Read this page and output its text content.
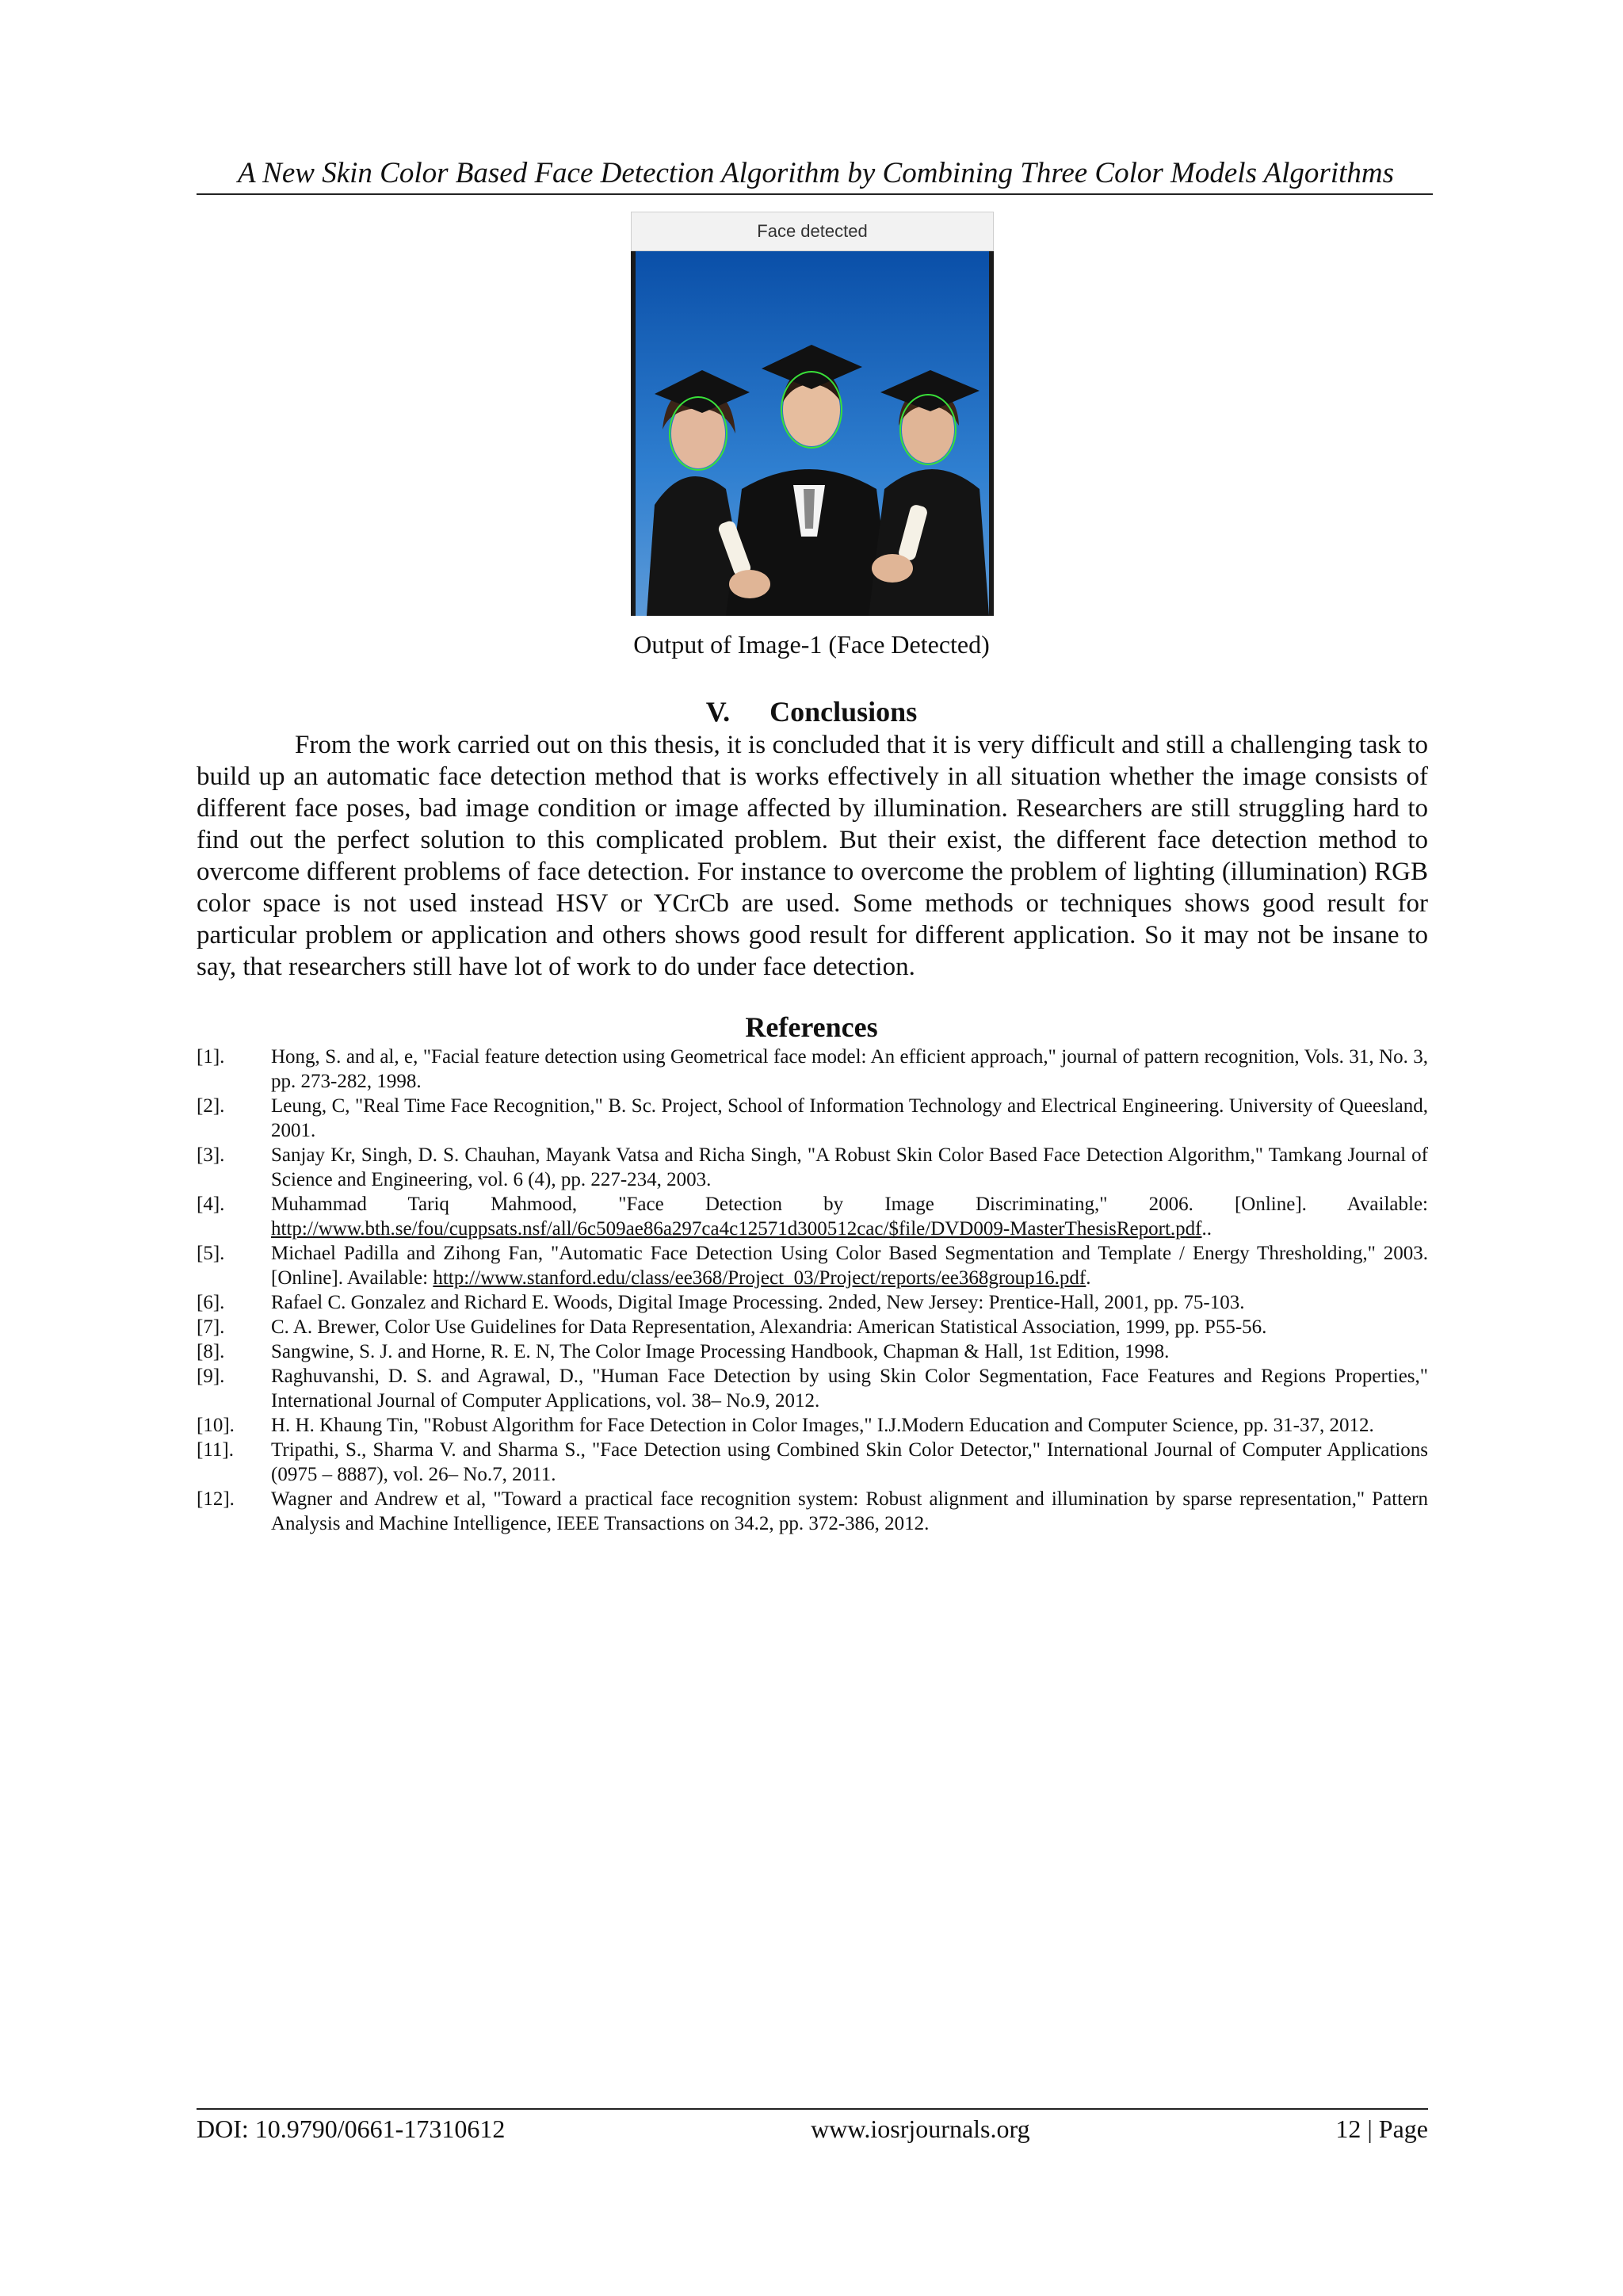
A New Skin Color Based Face Detection Algorithm by Combining Three Color Models Algorithms
Face detected
Output of Image-1 (Face Detected)
V. Conclusions

From the work carried out on this thesis, it is concluded that it is very difficult and still a challenging task to build up an automatic face detection method that is works effectively in all situation whether the image consists of different face poses, bad image condition or image affected by illumination. Researchers are still struggling hard to find out the perfect solution to this complicated problem. But their exist, the different face detection method to overcome different problems of face detection. For instance to overcome the problem of lighting (illumination) RGB color space is not used instead HSV or YCrCb are used. Some methods or techniques shows good result for particular problem or application and others shows good result for different application. So it may not be insane to say, that researchers still have lot of work to do under face detection.

References
[1].	Hong, S. and al, e, "Facial feature detection using Geometrical face model: An efficient approach," journal of pattern recognition, Vols. 31, No. 3, pp. 273-282, 1998.
[2].	Leung, C, "Real Time Face Recognition," B. Sc. Project, School of Information Technology and Electrical Engineering. University of Queesland, 2001.
[3].	Sanjay Kr, Singh, D. S. Chauhan, Mayank Vatsa and Richa Singh, "A Robust Skin Color Based Face Detection Algorithm," Tamkang Journal of Science and Engineering, vol. 6 (4), pp. 227-234, 2003.
[4].	Muhammad Tariq Mahmood, "Face Detection by Image Discriminating," 2006. [Online]. Available: http://www.bth.se/fou/cuppsats.nsf/all/6c509ae86a297ca4c12571d300512cac/$file/DVD009-MasterThesisReport.pdf..
[5].	Michael Padilla and Zihong Fan, "Automatic Face Detection Using Color Based Segmentation and Template / Energy Thresholding," 2003. [Online]. Available: http://www.stanford.edu/class/ee368/Project_03/Project/reports/ee368group16.pdf.
[6].	Rafael C. Gonzalez and Richard E. Woods, Digital Image Processing. 2nded, New Jersey: Prentice-Hall, 2001, pp. 75-103.
[7].	C. A. Brewer, Color Use Guidelines for Data Representation, Alexandria: American Statistical Association, 1999, pp. P55-56.
[8].	Sangwine, S. J. and Horne, R. E. N, The Color Image Processing Handbook, Chapman & Hall, 1st Edition, 1998.
[9].	Raghuvanshi, D. S. and Agrawal, D., "Human Face Detection by using Skin Color Segmentation, Face Features and Regions Properties," International Journal of Computer Applications, vol. 38– No.9, 2012.
[10].	H. H. Khaung Tin, "Robust Algorithm for Face Detection in Color Images," I.J.Modern Education and Computer Science, pp. 31-37, 2012.
[11].	Tripathi, S., Sharma V. and Sharma S., "Face Detection using Combined Skin Color Detector," International Journal of Computer Applications (0975 – 8887), vol. 26– No.7, 2011.
[12].	Wagner and Andrew et al, "Toward a practical face recognition system: Robust alignment and illumination by sparse representation," Pattern Analysis and Machine Intelligence, IEEE Transactions on 34.2, pp. 372-386, 2012.
DOI: 10.9790/0661-17310612	www.iosrjournals.org	12 | Page
